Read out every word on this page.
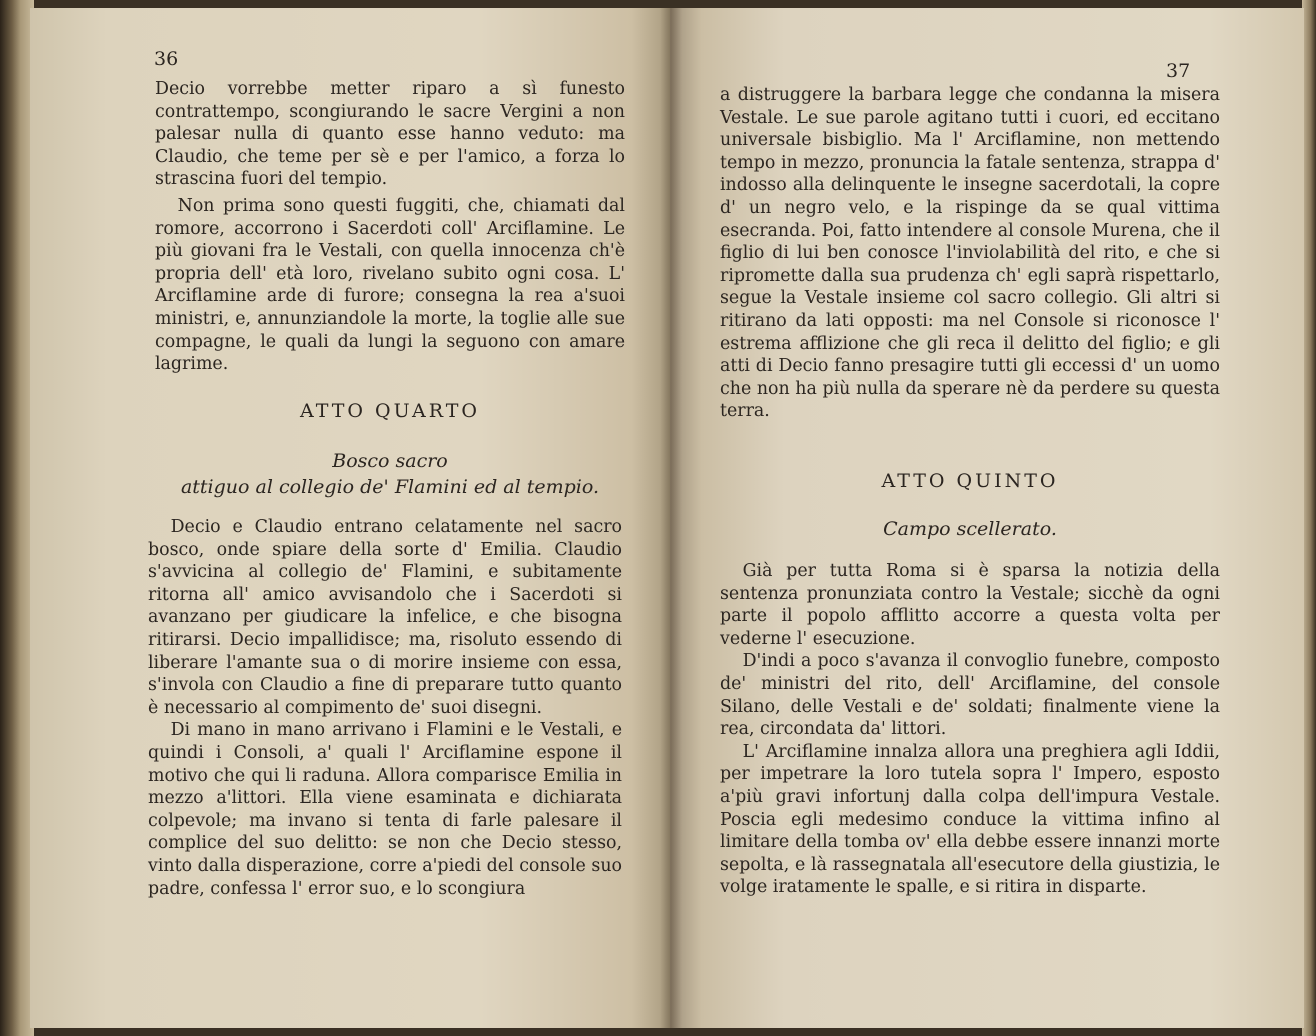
36

Decio vorrebbe metter riparo a sì funesto contrattempo, scongiurando le sacre Vergini a non palesar nulla di quanto esse hanno veduto: ma Claudio, che teme per sè e per l'amico, a forza lo strascina fuori del tempio.

Non prima sono questi fuggiti, che, chiamati dal romore, accorrono i Sacerdoti coll' Arciflamine. Le più giovani fra le Vestali, con quella innocenza ch'è propria dell' età loro, rivelano subito ogni cosa. L' Arciflamine arde di furore; consegna la rea a'suoi ministri, e, annunziandole la morte, la toglie alle sue compagne, le quali da lungi la seguono con amare lagrime.

ATTO QUARTO
Bosco sacro
attiguo al collegio de' Flamini ed al tempio.

Decio e Claudio entrano celatamente nel sacro bosco, onde spiare della sorte d' Emilia. Claudio s'avvicina al collegio de' Flamini, e subitamente ritorna all' amico avvisandolo che i Sacerdoti si avanzano per giudicare la infelice, e che bisogna ritirarsi. Decio impallidisce; ma, risoluto essendo di liberare l'amante sua o di morire insieme con essa, s'invola con Claudio a fine di preparare tutto quanto è necessario al compimento de' suoi disegni.

Di mano in mano arrivano i Flamini e le Vestali, e quindi i Consoli, a' quali l' Arciflamine espone il motivo che qui li raduna. Allora comparisce Emilia in mezzo a'littori. Ella viene esaminata e dichiarata colpevole; ma invano si tenta di farle palesare il complice del suo delitto: se non che Decio stesso, vinto dalla disperazione, corre a'piedi del console suo padre, confessa l' error suo, e lo scongiura

37

a distruggere la barbara legge che condanna la misera Vestale. Le sue parole agitano tutti i cuori, ed eccitano universale bisbiglio. Ma l' Arciflamine, non mettendo tempo in mezzo, pronuncia la fatale sentenza, strappa d' indosso alla delinquente le insegne sacerdotali, la copre d' un negro velo, e la rispinge da se qual vittima esecranda. Poi, fatto intendere al console Murena, che il figlio di lui ben conosce l'inviolabilità del rito, e che si ripromette dalla sua prudenza ch' egli saprà rispettarlo, segue la Vestale insieme col sacro collegio. Gli altri si ritirano da lati opposti: ma nel Console si riconosce l' estrema afflizione che gli reca il delitto del figlio; e gli atti di Decio fanno presagire tutti gli eccessi d' un uomo che non ha più nulla da sperare nè da perdere su questa terra.

ATTO QUINTO
Campo scellerato.

Già per tutta Roma si è sparsa la notizia della sentenza pronunziata contro la Vestale; sicchè da ogni parte il popolo afflitto accorre a questa volta per vederne l' esecuzione.

D'indi a poco s'avanza il convoglio funebre, composto de' ministri del rito, dell' Arciflamine, del console Silano, delle Vestali e de' soldati; finalmente viene la rea, circondata da' littori.

L' Arciflamine innalza allora una preghiera agli Iddii, per impetrare la loro tutela sopra l' Impero, esposto a'più gravi infortunj dalla colpa dell'impura Vestale. Poscia egli medesimo conduce la vittima infino al limitare della tomba ov' ella debbe essere innanzi morte sepolta, e là rassegnatala all'esecutore della giustizia, le volge iratamente le spalle, e si ritira in disparte.
